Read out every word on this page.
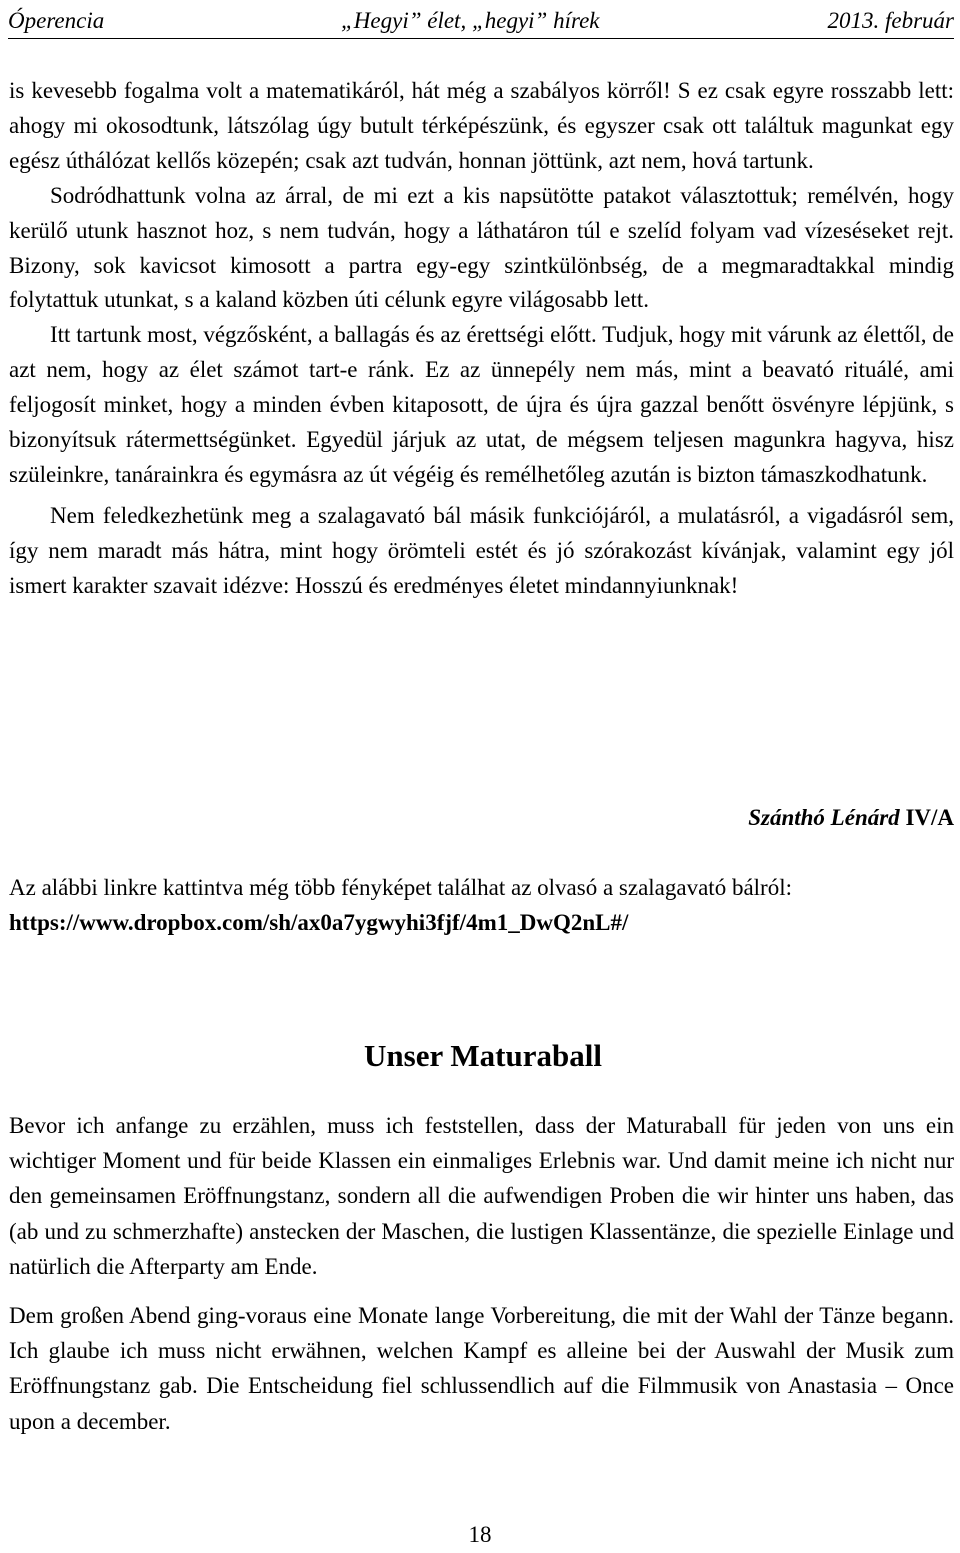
Óperencia	„Hegyi” élet, „hegyi” hírek	2013. február

is kevesebb fogalma volt a matematikáról, hát még a szabályos körről! S ez csak egyre rosszabb lett: ahogy mi okosodtunk, látszólag úgy butult térképészünk, és egyszer csak ott találtuk magunkat egy egész úthálózat kellős közepén; csak azt tudván, honnan jöttünk, azt nem, hová tartunk.

Sodródhattunk volna az árral, de mi ezt a kis napsütötte patakot választottuk; remélvén, hogy kerülő utunk hasznot hoz, s nem tudván, hogy a láthatáron túl e szelíd folyam vad vízeséseket rejt. Bizony, sok kavicsot kimosott a partra egy-egy szintkülönbség, de a megmaradtakkal mindig folytattuk utunkat, s a kaland közben úti célunk egyre világosabb lett.

Itt tartunk most, végzősként, a ballagás és az érettségi előtt. Tudjuk, hogy mit várunk az élettől, de azt nem, hogy az élet számot tart-e ránk. Ez az ünnepély nem más, mint a beavató rituálé, ami feljogosít minket, hogy a minden évben kitaposott, de újra és újra gazzal benőtt ösvényre lépjünk, s bizonyítsuk rátermettségünket. Egyedül járjuk az utat, de mégsem teljesen magunkra hagyva, hisz szüleinkre, tanárainkra és egymásra az út végéig és remélhetőleg azután is bizton támaszkodhatunk.

Nem feledkezhetünk meg a szalagavató bál másik funkciójáról, a mulatásról, a vigadásról sem, így nem maradt más hátra, mint hogy örömteli estét és jó szórakozást kívánjak, valamint egy jól ismert karakter szavait idézve: Hosszú és eredményes életet mindannyiunknak!

Szánthó Lénárd IV/A
Az alábbi linkre kattintva még több fényképet találhat az olvasó a szalagavató bálról:
https://www.dropbox.com/sh/ax0a7ygwyhi3fjf/4m1_DwQ2nL#/
Unser Maturaball

Bevor ich anfange zu erzählen, muss ich feststellen, dass der Maturaball für jeden von uns ein wichtiger Moment und für beide Klassen ein einmaliges Erlebnis war. Und damit meine ich nicht nur den gemeinsamen Eröffnungstanz, sondern all die aufwendigen Proben die wir hinter uns haben, das (ab und zu schmerzhafte) anstecken der Maschen, die lustigen Klassentänze, die spezielle Einlage und natürlich die Afterparty am Ende.

Dem großen Abend ging-voraus eine Monate lange Vorbereitung, die mit der Wahl der Tänze begann. Ich glaube ich muss nicht erwähnen, welchen Kampf es alleine bei der Auswahl der Musik zum Eröffnungstanz gab. Die Entscheidung fiel schlussendlich auf die Filmmusik von Anastasia – Once upon a december.

18
